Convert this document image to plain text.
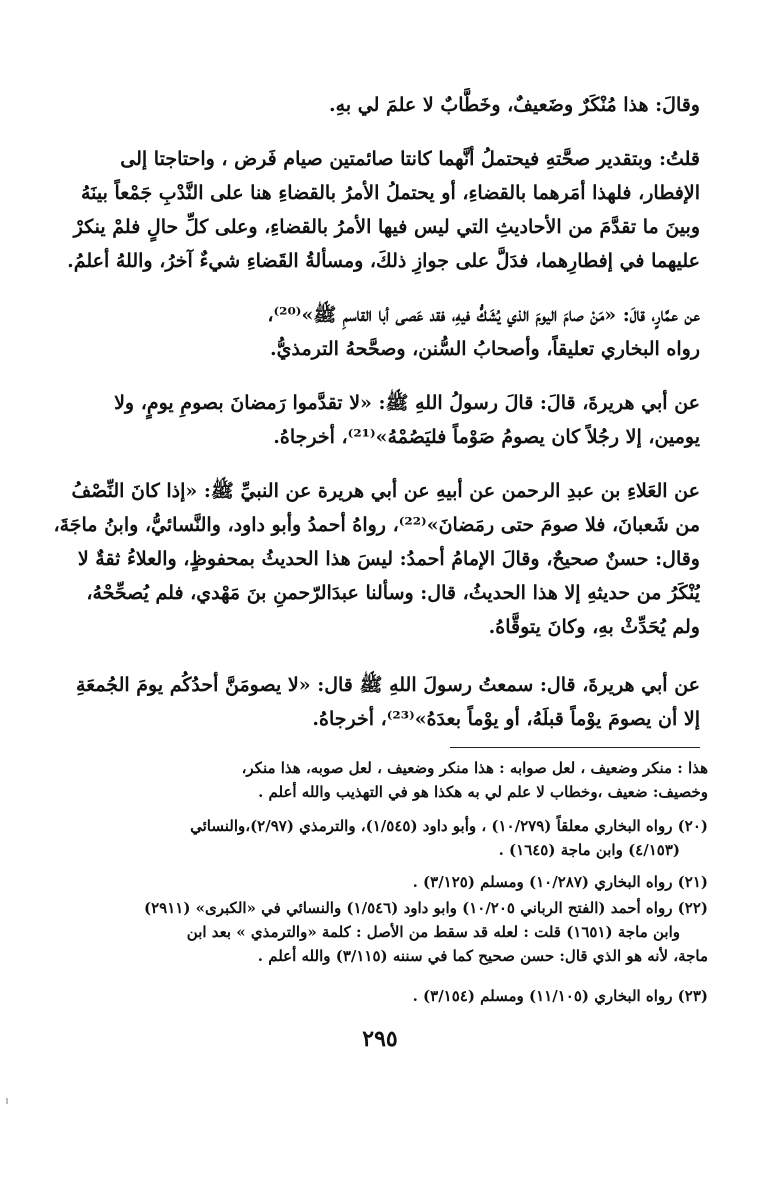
وقالَ: هذا مُنْكَرٌ وضَعيفٌ، وخَطَّابٌ لا علمَ لي بهِ.

قلتُ: وبتقدير صحَّتهِ فيحتملُ أنَّهما كانتا صائمتين صيام فَرض ، واحتاجتا إلى
الإفطار، فلهذا أمَرهما بالقضاءِ، أو يحتملُ الأمرُ بالقضاءِ هنا على النَّدْبِ جَمْعاً بينَهُ
وبينَ ما تقدَّمَ من الأحاديثِ التي ليس فيها الأمرُ بالقضاءِ، وعلى كلِّ حالٍ فلمْ ينكرْ
عليهما في إفطارِهما، فدَلَّ على جوازِ ذلكَ، ومسألةُ القَضاءِ شيءٌ آخرُ، واللهُ أعلمُ.

عن عمَّارٍ، قالَ: «مَنْ صامَ اليومَ الذي يُشَكُّ فيهِ، فقد عَصى أبا القاسمِ ﷺ»⁽²⁰⁾،
رواه البخاري تعليقاً، وأصحابُ السُّنن، وصحَّحهُ الترمذيُّ.

عن أبي هريرةَ، قالَ: قالَ رسولُ اللهِ ﷺ: «لا تقدَّموا رَمضانَ بصومِ يومٍ، ولا
يومين، إلا رجُلاً كان يصومُ صَوْماً فليَصُمْهُ»⁽²¹⁾، أخرجاهُ.

عن العَلاءِ بن عبدِ الرحمن عن أبيهِ عن أبي هريرة عن النبيِّ ﷺ: «إذا كانَ النِّصْفُ
من شَعبانَ، فلا صومَ حتى رمَضانَ»⁽²²⁾، رواهُ أحمدُ وأبو داود، والنَّسائيُّ، وابنُ ماجَةَ،
وقال: حسنٌ صحيحٌ، وقالَ الإمامُ أحمدُ: ليسَ هذا الحديثُ بمحفوظٍ، والعلاءُ ثقةٌ لا
يُنْكَرُ من حديثهِ إلا هذا الحديثُ، قال: وسألنا عبدَالرّحمنِ بنَ مَهْدي، فلم يُصحِّحْهُ،
ولم يُحَدِّثْ بهِ، وكانَ يتوقَّاهُ.

عن أبي هريرةَ، قال: سمعتُ رسولَ اللهِ ﷺ قال: «لا يصومَنَّ أحدُكُم يومَ الجُمعَةِ
إلا أن يصومَ يوْماً قبلَهُ، أو يوْماً بعدَهُ»⁽²³⁾، أخرجاهُ.

هذا : منكر وضعيف ، لعل صوابه : هذا منكر وضعيف ، لعل صوبه، هذا منكر،
وخصيف: ضعيف ،وخطاب لا علم لي به هكذا هو في التهذيب والله أعلم .
(٢٠) رواه البخاري معلقاً (١٠/٢٧٩) ، وأبو داود (١/٥٤٥)، والترمذي (٢/٩٧)،والنسائي
(٤/١٥٣) وابن ماجة (١٦٤٥) .
(٢١) رواه البخاري (١٠/٢٨٧) ومسلم (٣/١٢٥) .
(٢٢) رواه أحمد (الفتح الرباني ١٠/٢٠٥) وابو داود (١/٥٤٦) والنسائي في «الكبرى» (٢٩١١)
وابن ماجة (١٦٥١) قلت : لعله قد سقط من الأصل : كلمة «والترمذي » بعد ابن
ماجة، لأنه هو الذي قال: حسن صحيح كما في سننه (٣/١١٥) والله أعلم .
(٢٣) رواه البخاري (١١/١٠٥) ومسلم (٣/١٥٤) .
٢٩٥
